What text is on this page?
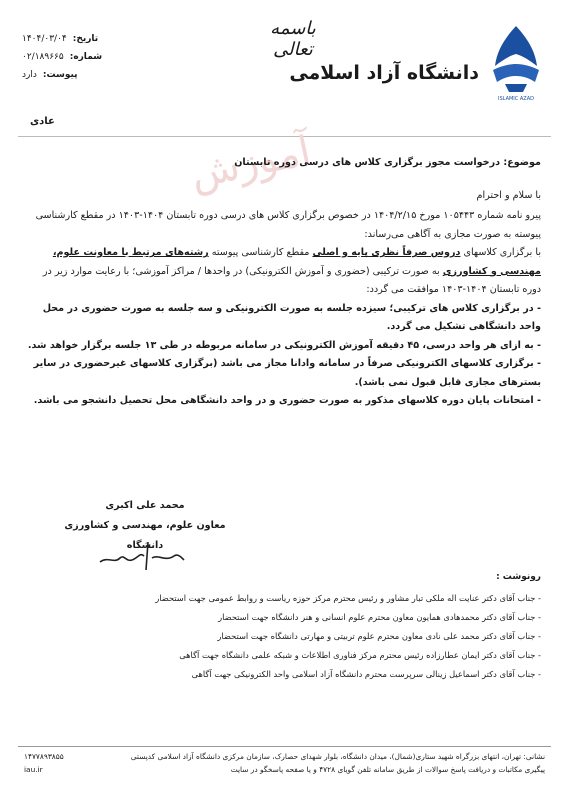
تاریخ:
۱۴۰۴/۰۳/۰۴
شماره:
۰۲/۱۸۹۶۶۵
پیوست:
دارد
باسمه تعالی
ISLAMIC AZAD
دانشگاه آزاد اسلامی
عادی
آموزش
موضوع: درخواست مجوز برگزاری کلاس های درسی دوره تابستان
با سلام و احترام

پیرو نامه شماره ۱۰۵۴۴۳ مورخ ۱۴۰۴/۲/۱۵ در خصوص برگزاری کلاس های درسی دوره تابستان ۱۴۰۴-۱۴۰۳ در مقطع کارشناسی پیوسته به صورت مجازی به آگاهی می‌رساند:

با برگزاری کلاسهای دروس صرفاً نظری پایه و اصلی مقطع کارشناسی پیوسته رشته‌های مرتبط با معاونت علوم، مهندسی و کشاورزی به صورت ترکیبی (حضوری و آموزش الکترونیکی) در واحدها / مراکز آموزشی؛ با رعایت موارد زیر در دوره تابستان ۱۴۰۴-۱۴۰۳ موافقت می گردد:

- در برگزاری کلاس های ترکیبی؛ سیزده جلسه به صورت الکترونیکی و سه جلسه به صورت حضوری در محل واحد دانشگاهی تشکیل می گردد.

- به ازای هر واحد درسی، ۴۵ دقیقه آموزش الکترونیکی در سامانه مربوطه در طی ۱۳ جلسه برگزار خواهد شد.

- برگزاری کلاسهای الکترونیکی صرفاً در سامانه وادانا مجاز می باشد (برگزاری کلاسهای غیرحضوری در سایر بسترهای مجازی قابل قبول نمی باشد).

- امتحانات پایان دوره کلاسهای مذکور به صورت حضوری و در واحد دانشگاهی محل تحصیل دانشجو می باشد.

محمد علی اکبری
معاون علوم، مهندسی و کشاورزی دانشگاه
رونوشت :
- جناب آقای دکتر عنایت اله ملکی تبار مشاور و رئیس محترم مرکز حوزه ریاست و روابط عمومی جهت استحضار
- جناب آقای دکتر محمدهادی همایون معاون محترم علوم انسانی و هنر دانشگاه جهت استحضار
- جناب آقای دکتر محمد علی نادی معاون محترم علوم تربیتی و مهارتی دانشگاه جهت استحضار
- جناب آقای دکتر ایمان عطارزاده رئیس محترم مرکز فناوری اطلاعات و شبکه علمی دانشگاه جهت آگاهی
- جناب آقای دکتر اسماعیل زینالی سرپرست محترم دانشگاه آزاد اسلامی واحد الکترونیکی جهت آگاهی
نشانی: تهران، انتهای بزرگراه شهید ستاری(شمال)، میدان دانشگاه، بلوار شهدای حصارک، سازمان مرکزی دانشگاه آزاد اسلامی کدپستی
۱۴۷۷۸۹۳۸۵۵
پیگیری مکاتبات و دریافت پاسخ سوالات از طریق سامانه تلفن گویای ۴۷۲۸ و یا صفحه پاسخگو در سایت
iau.ir
